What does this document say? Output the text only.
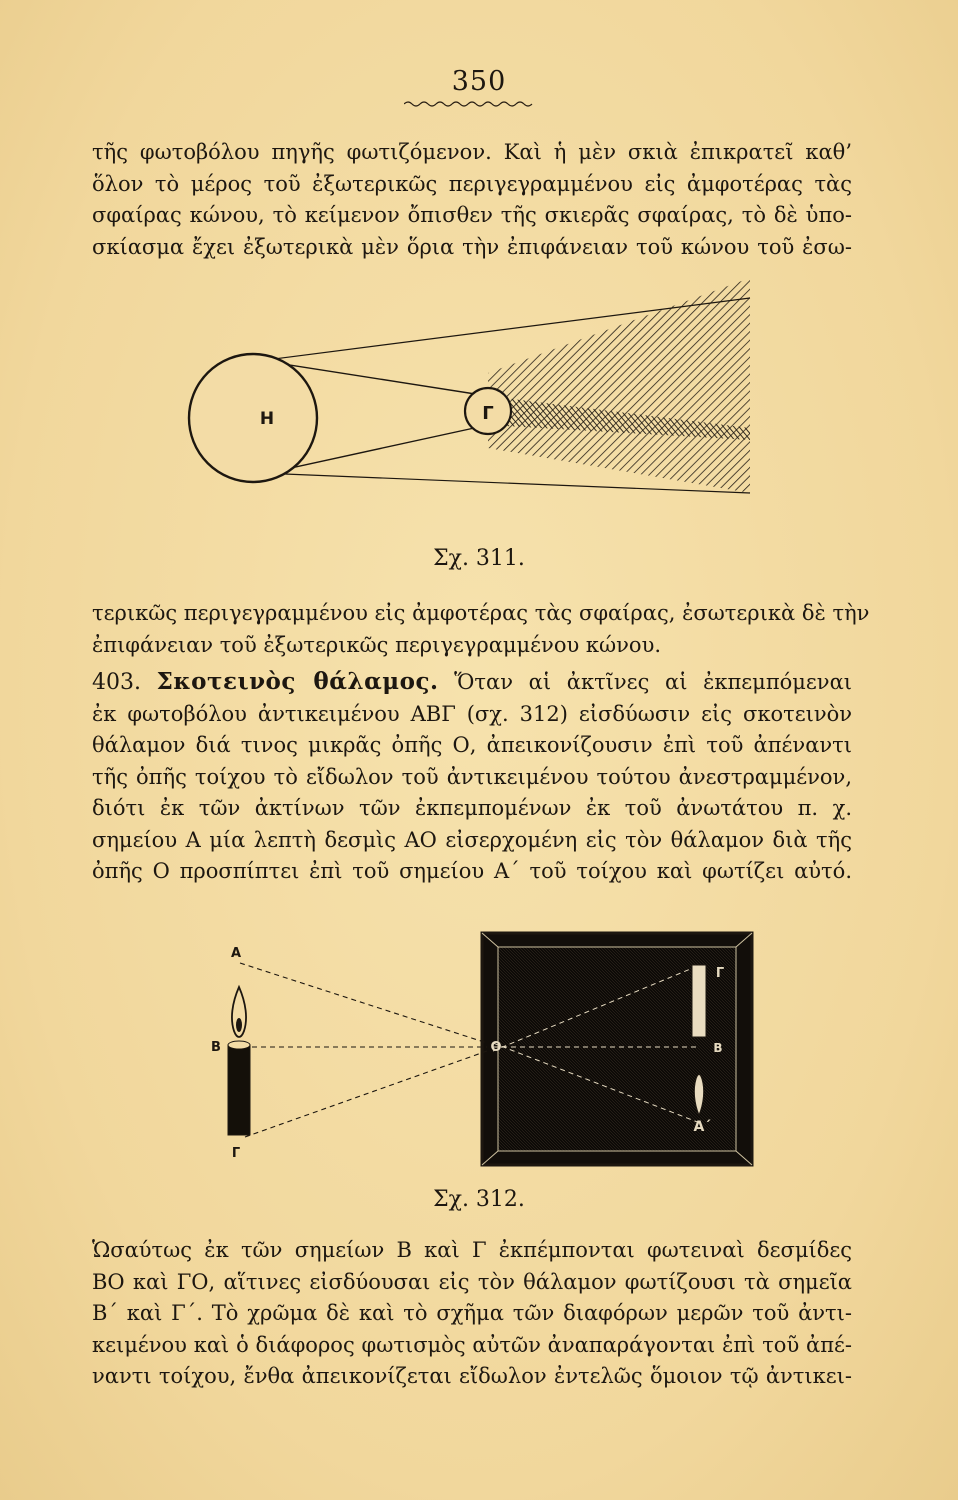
350
τῆς φωτοβόλου πηγῆς φωτιζόμενον. Καὶ ἡ μὲν σκιὰ ἐπικρατεῖ καθ’
ὅλον τὸ μέρος τοῦ ἐξωτερικῶς περιγεγραμμένου εἰς ἀμφοτέρας τὰς
σφαίρας κώνου, τὸ κείμενον ὄπισθεν τῆς σκιερᾶς σφαίρας, τὸ δὲ ὑπο-
σκίασμα ἔχει ἐξωτερικὰ μὲν ὅρια τὴν ἐπιφάνειαν τοῦ κώνου τοῦ ἐσω-
Η	Γ
Σχ. 311.
τερικῶς περιγεγραμμένου εἰς ἀμφοτέρας τὰς σφαίρας, ἐσωτερικὰ δὲ τὴν
ἐπιφάνειαν τοῦ ἐξωτερικῶς περιγεγραμμένου κώνου.
403. Σκοτεινὸς θάλαμος. Ὅταν αἱ ἀκτῖνες αἱ ἐκπεμπόμεναι
ἐκ φωτοβόλου ἀντικειμένου ΑΒΓ (σχ. 312) εἰσδύωσιν εἰς σκοτεινὸν
θάλαμον διά τινος μικρᾶς ὀπῆς Ο, ἀπεικονίζουσιν ἐπὶ τοῦ ἀπέναντι
τῆς ὀπῆς τοίχου τὸ εἴδωλον τοῦ ἀντικειμένου τούτου ἀνεστραμμένον,
διότι ἐκ τῶν ἀκτίνων τῶν ἐκπεμπομένων ἐκ τοῦ ἀνωτάτου π. χ.
σημείου Α μία λεπτὴ δεσμὶς ΑΟ εἰσερχομένη εἰς τὸν θάλαμον διὰ τῆς
ὀπῆς Ο προσπίπτει ἐπὶ τοῦ σημείου Α΄ τοῦ τοίχου καὶ φωτίζει αὐτό.
Α
Β
Γ
Ο
Γ
Β
Α΄
Σχ. 312.
Ὡσαύτως ἐκ τῶν σημείων Β καὶ Γ ἐκπέμπονται φωτειναὶ δεσμίδες
ΒΟ καὶ ΓΟ, αἵτινες εἰσδύουσαι εἰς τὸν θάλαμον φωτίζουσι τὰ σημεῖα
Β΄ καὶ Γ΄. Τὸ χρῶμα δὲ καὶ τὸ σχῆμα τῶν διαφόρων μερῶν τοῦ ἀντι-
κειμένου καὶ ὁ διάφορος φωτισμὸς αὐτῶν ἀναπαράγονται ἐπὶ τοῦ ἀπέ-
ναντι τοίχου, ἔνθα ἀπεικονίζεται εἴδωλον ἐντελῶς ὅμοιον τῷ ἀντικει-
